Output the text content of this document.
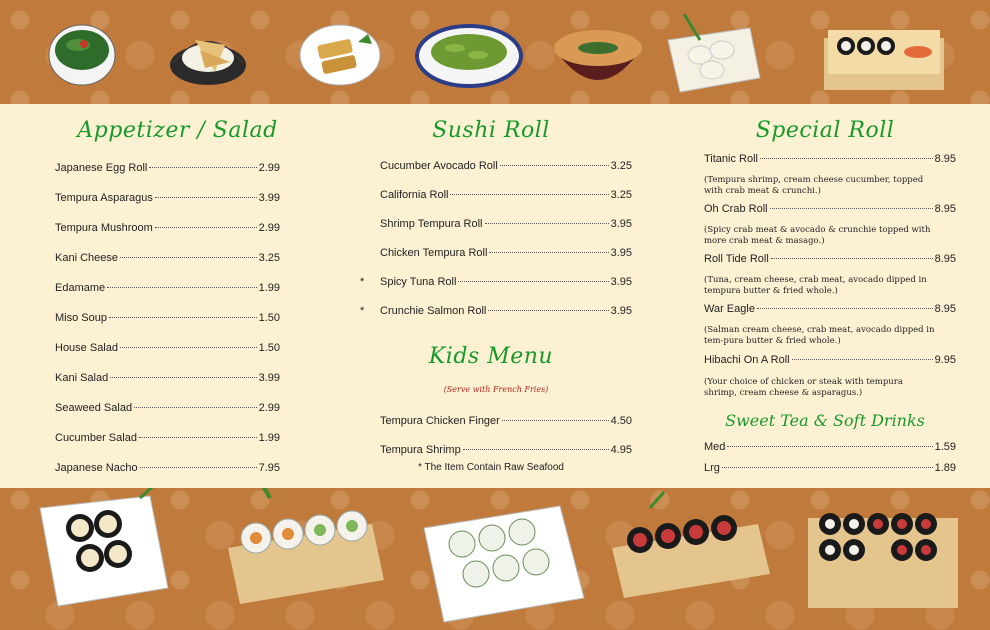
Appetizer / Salad
Japanese Egg Roll	2.99
Tempura Asparagus	3.99
Tempura Mushroom	2.99
Kani Cheese	3.25
Edamame	1.99
Miso Soup	1.50
House Salad	1.50
Kani Salad	3.99
Seaweed Salad	2.99
Cucumber Salad	1.99
Japanese Nacho	7.95
Sushi Roll
Cucumber Avocado Roll	3.25
California Roll	3.25
Shrimp Tempura Roll	3.95
Chicken Tempura Roll	3.95
* Spicy Tuna Roll	3.95
* Crunchie Salmon Roll	3.95
Kids Menu
(Serve with French Fries)
Tempura Chicken Finger	4.50
Tempura Shrimp	4.95
* The Item Contain Raw Seafood
Special Roll
Titanic Roll	8.95
(Tempura shrimp, cream cheese cucumber, topped with crab meat & crunchi.)
Oh Crab Roll	8.95
(Spicy crab meat & avocado & crunchie topped with more crab meat & masago.)
Roll Tide Roll	8.95
(Tuna, cream cheese, crab meat, avocado dipped in tempura butter & fried whole.)
War Eagle	8.95
(Salman cream cheese, crab meat, avocado dipped in tem-pura butter & fried whole.)
Hibachi On A Roll	9.95
(Your choice of chicken or steak with tempura shrimp, cream cheese & asparagus.)
Sweet Tea & Soft Drinks
Med	1.59
Lrg	1.89
